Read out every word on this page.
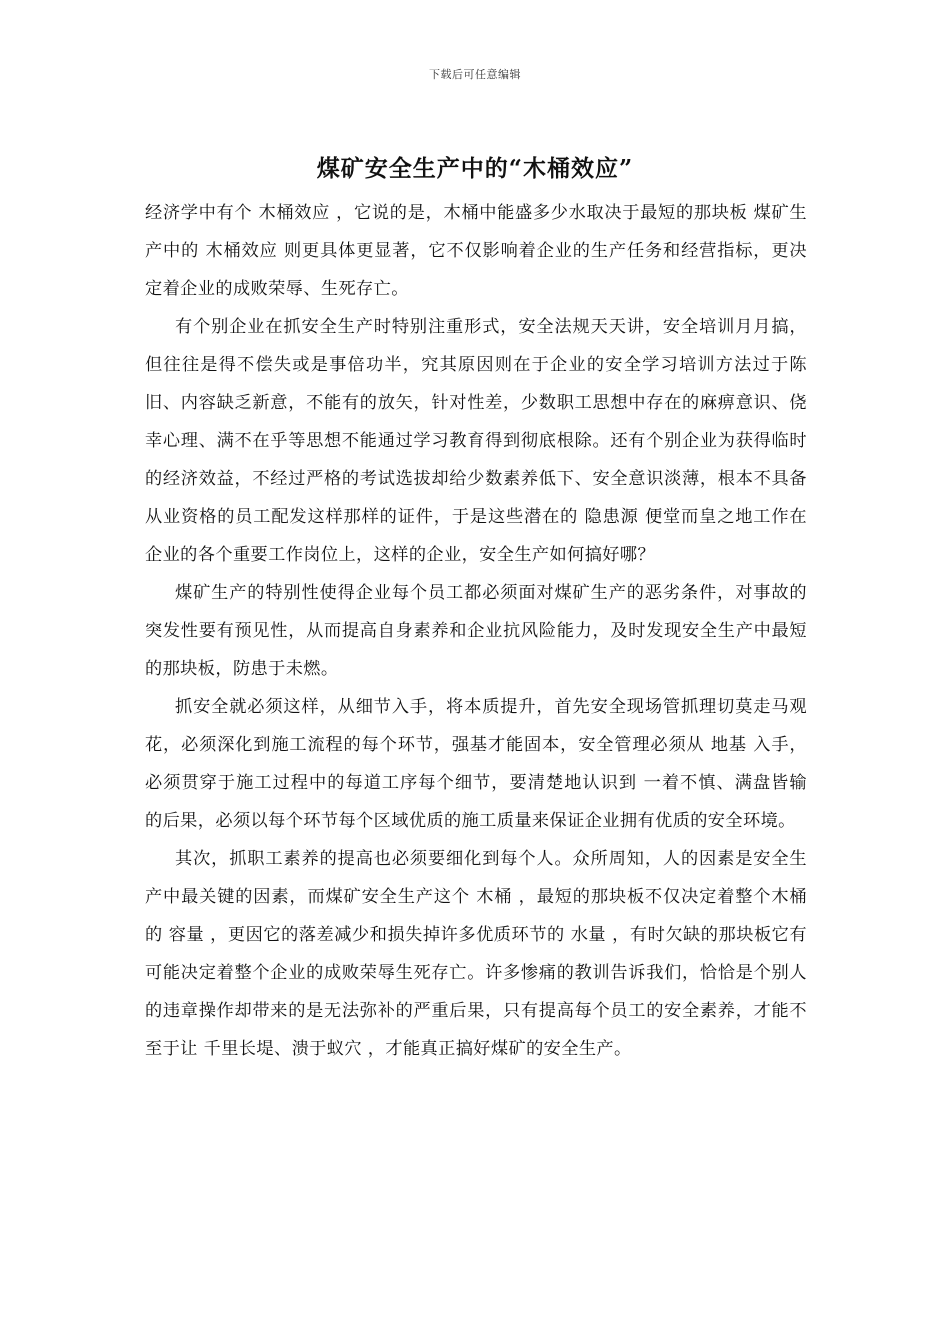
下载后可任意编辑
煤矿安全生产中的“木桶效应”

经济学中有个 木桶效应 ，它说的是，木桶中能盛多少水取决于最短的那块板 煤矿生产中的 木桶效应 则更具体更显著，它不仅影响着企业的生产任务和经营指标，更决定着企业的成败荣辱、生死存亡。

有个别企业在抓安全生产时特别注重形式，安全法规天天讲，安全培训月月搞，但往往是得不偿失或是事倍功半，究其原因则在于企业的安全学习培训方法过于陈旧、内容缺乏新意，不能有的放矢，针对性差，少数职工思想中存在的麻痹意识、侥幸心理、满不在乎等思想不能通过学习教育得到彻底根除。还有个别企业为获得临时的经济效益，不经过严格的考试选拔却给少数素养低下、安全意识淡薄，根本不具备从业资格的员工配发这样那样的证件，于是这些潜在的 隐患源 便堂而皇之地工作在企业的各个重要工作岗位上，这样的企业，安全生产如何搞好哪？

煤矿生产的特别性使得企业每个员工都必须面对煤矿生产的恶劣条件，对事故的突发性要有预见性，从而提高自身素养和企业抗风险能力，及时发现安全生产中最短的那块板，防患于未燃。

抓安全就必须这样，从细节入手，将本质提升，首先安全现场管抓理切莫走马观花，必须深化到施工流程的每个环节，强基才能固本，安全管理必须从 地基 入手，必须贯穿于施工过程中的每道工序每个细节，要清楚地认识到 一着不慎、满盘皆输 的后果，必须以每个环节每个区域优质的施工质量来保证企业拥有优质的安全环境。

其次，抓职工素养的提高也必须要细化到每个人。众所周知，人的因素是安全生产中最关键的因素，而煤矿安全生产这个 木桶 ，最短的那块板不仅决定着整个木桶的 容量 ，更因它的落差减少和损失掉许多优质环节的 水量 ，有时欠缺的那块板它有可能决定着整个企业的成败荣辱生死存亡。许多惨痛的教训告诉我们，恰恰是个别人的违章操作却带来的是无法弥补的严重后果，只有提高每个员工的安全素养，才能不至于让 千里长堤、溃于蚁穴 ，才能真正搞好煤矿的安全生产。
